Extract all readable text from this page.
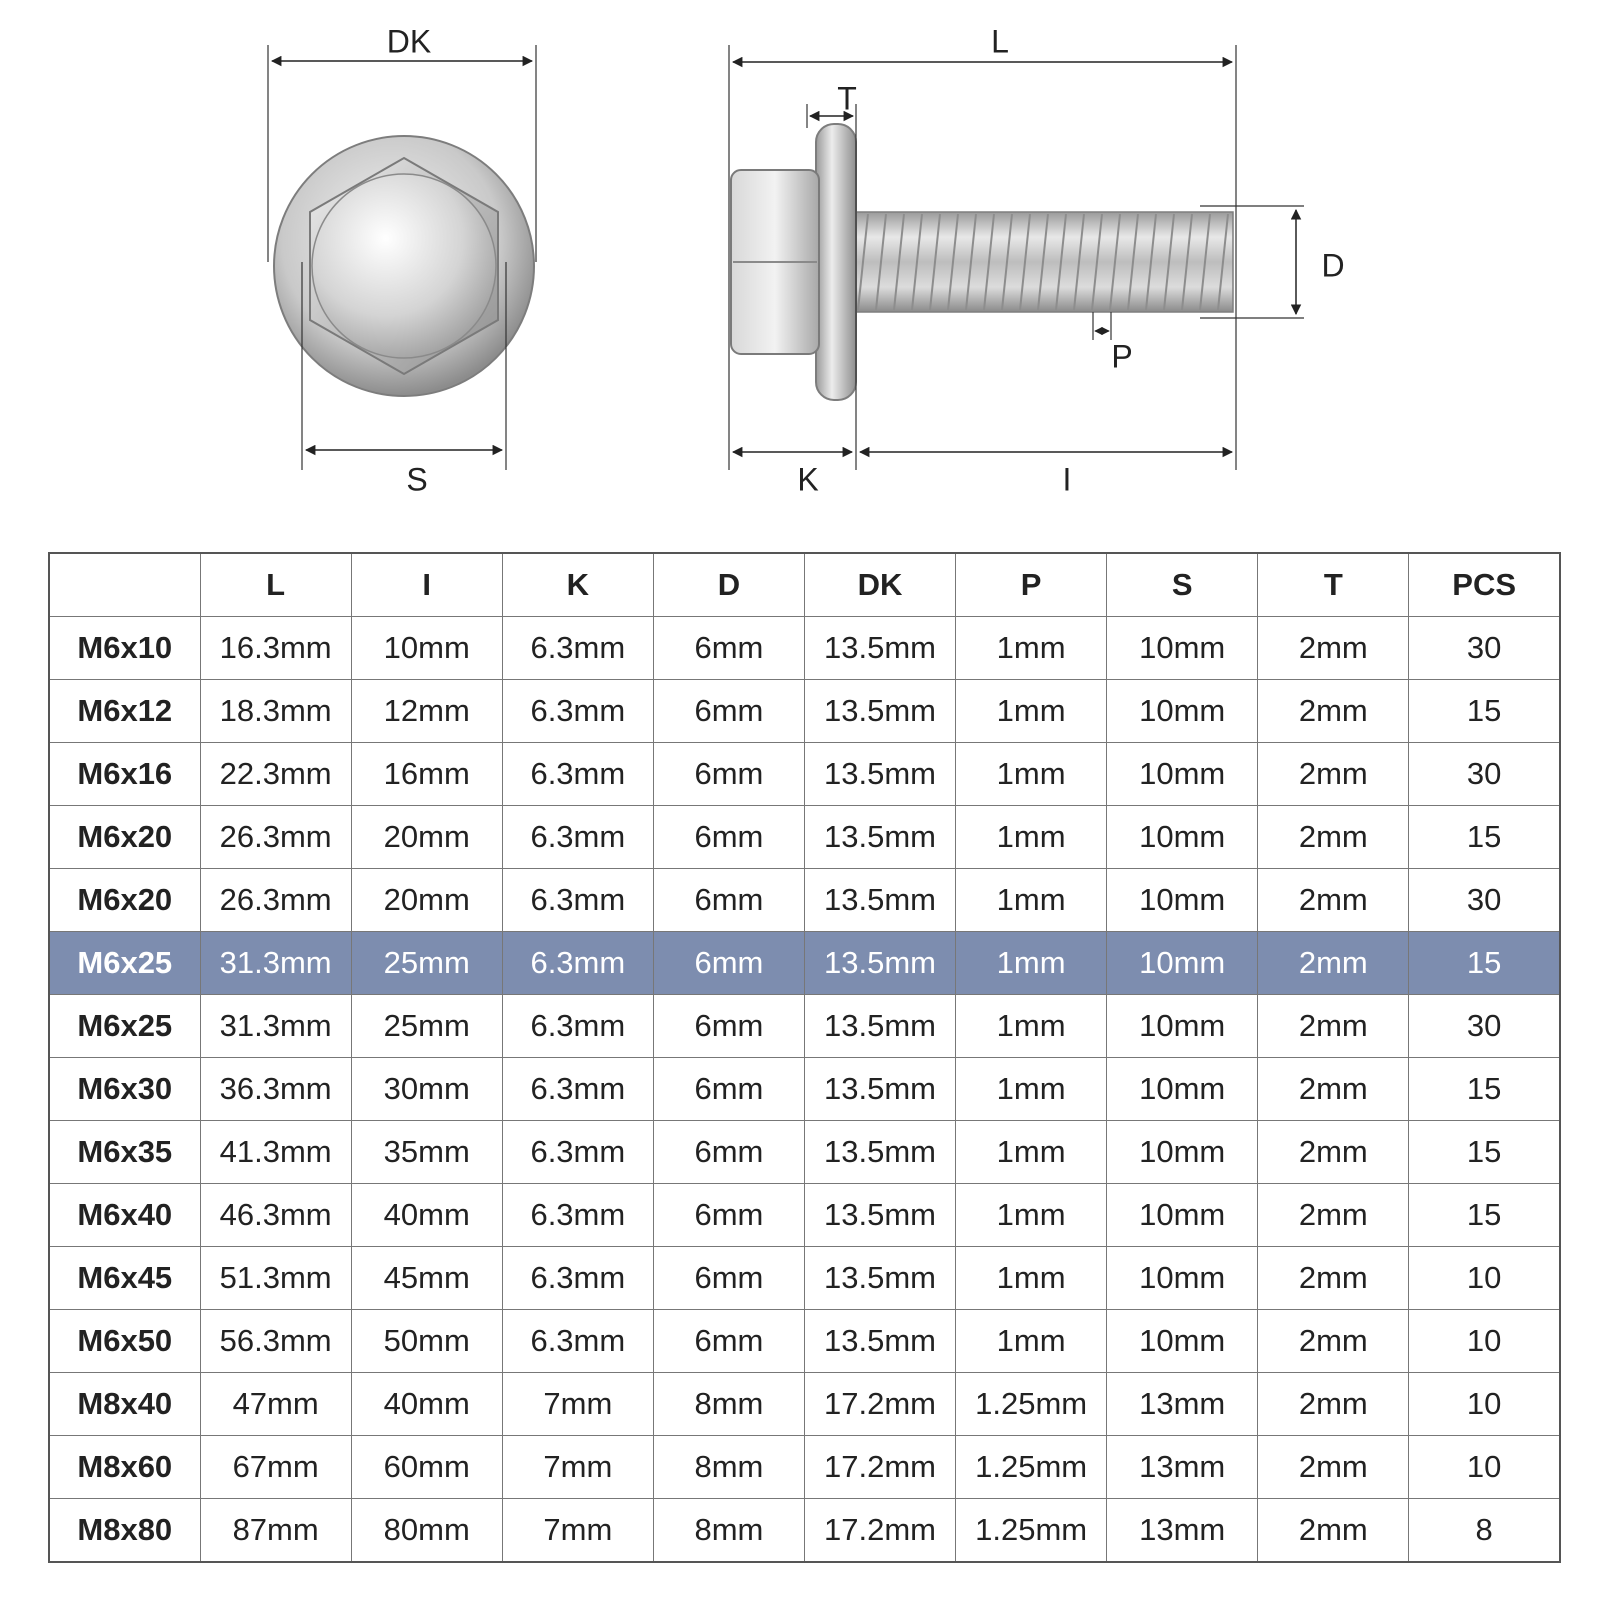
DK
S
L
T
D
P
K	I
	L	I	K	D	DK	P	S	T	PCS
M6x10	16.3mm	10mm	6.3mm	6mm	13.5mm	1mm	10mm	2mm	30
M6x12	18.3mm	12mm	6.3mm	6mm	13.5mm	1mm	10mm	2mm	15
M6x16	22.3mm	16mm	6.3mm	6mm	13.5mm	1mm	10mm	2mm	30
M6x20	26.3mm	20mm	6.3mm	6mm	13.5mm	1mm	10mm	2mm	15
M6x20	26.3mm	20mm	6.3mm	6mm	13.5mm	1mm	10mm	2mm	30
M6x25	31.3mm	25mm	6.3mm	6mm	13.5mm	1mm	10mm	2mm	15
M6x25	31.3mm	25mm	6.3mm	6mm	13.5mm	1mm	10mm	2mm	30
M6x30	36.3mm	30mm	6.3mm	6mm	13.5mm	1mm	10mm	2mm	15
M6x35	41.3mm	35mm	6.3mm	6mm	13.5mm	1mm	10mm	2mm	15
M6x40	46.3mm	40mm	6.3mm	6mm	13.5mm	1mm	10mm	2mm	15
M6x45	51.3mm	45mm	6.3mm	6mm	13.5mm	1mm	10mm	2mm	10
M6x50	56.3mm	50mm	6.3mm	6mm	13.5mm	1mm	10mm	2mm	10
M8x40	47mm	40mm	7mm	8mm	17.2mm	1.25mm	13mm	2mm	10
M8x60	67mm	60mm	7mm	8mm	17.2mm	1.25mm	13mm	2mm	10
M8x80	87mm	80mm	7mm	8mm	17.2mm	1.25mm	13mm	2mm	8
